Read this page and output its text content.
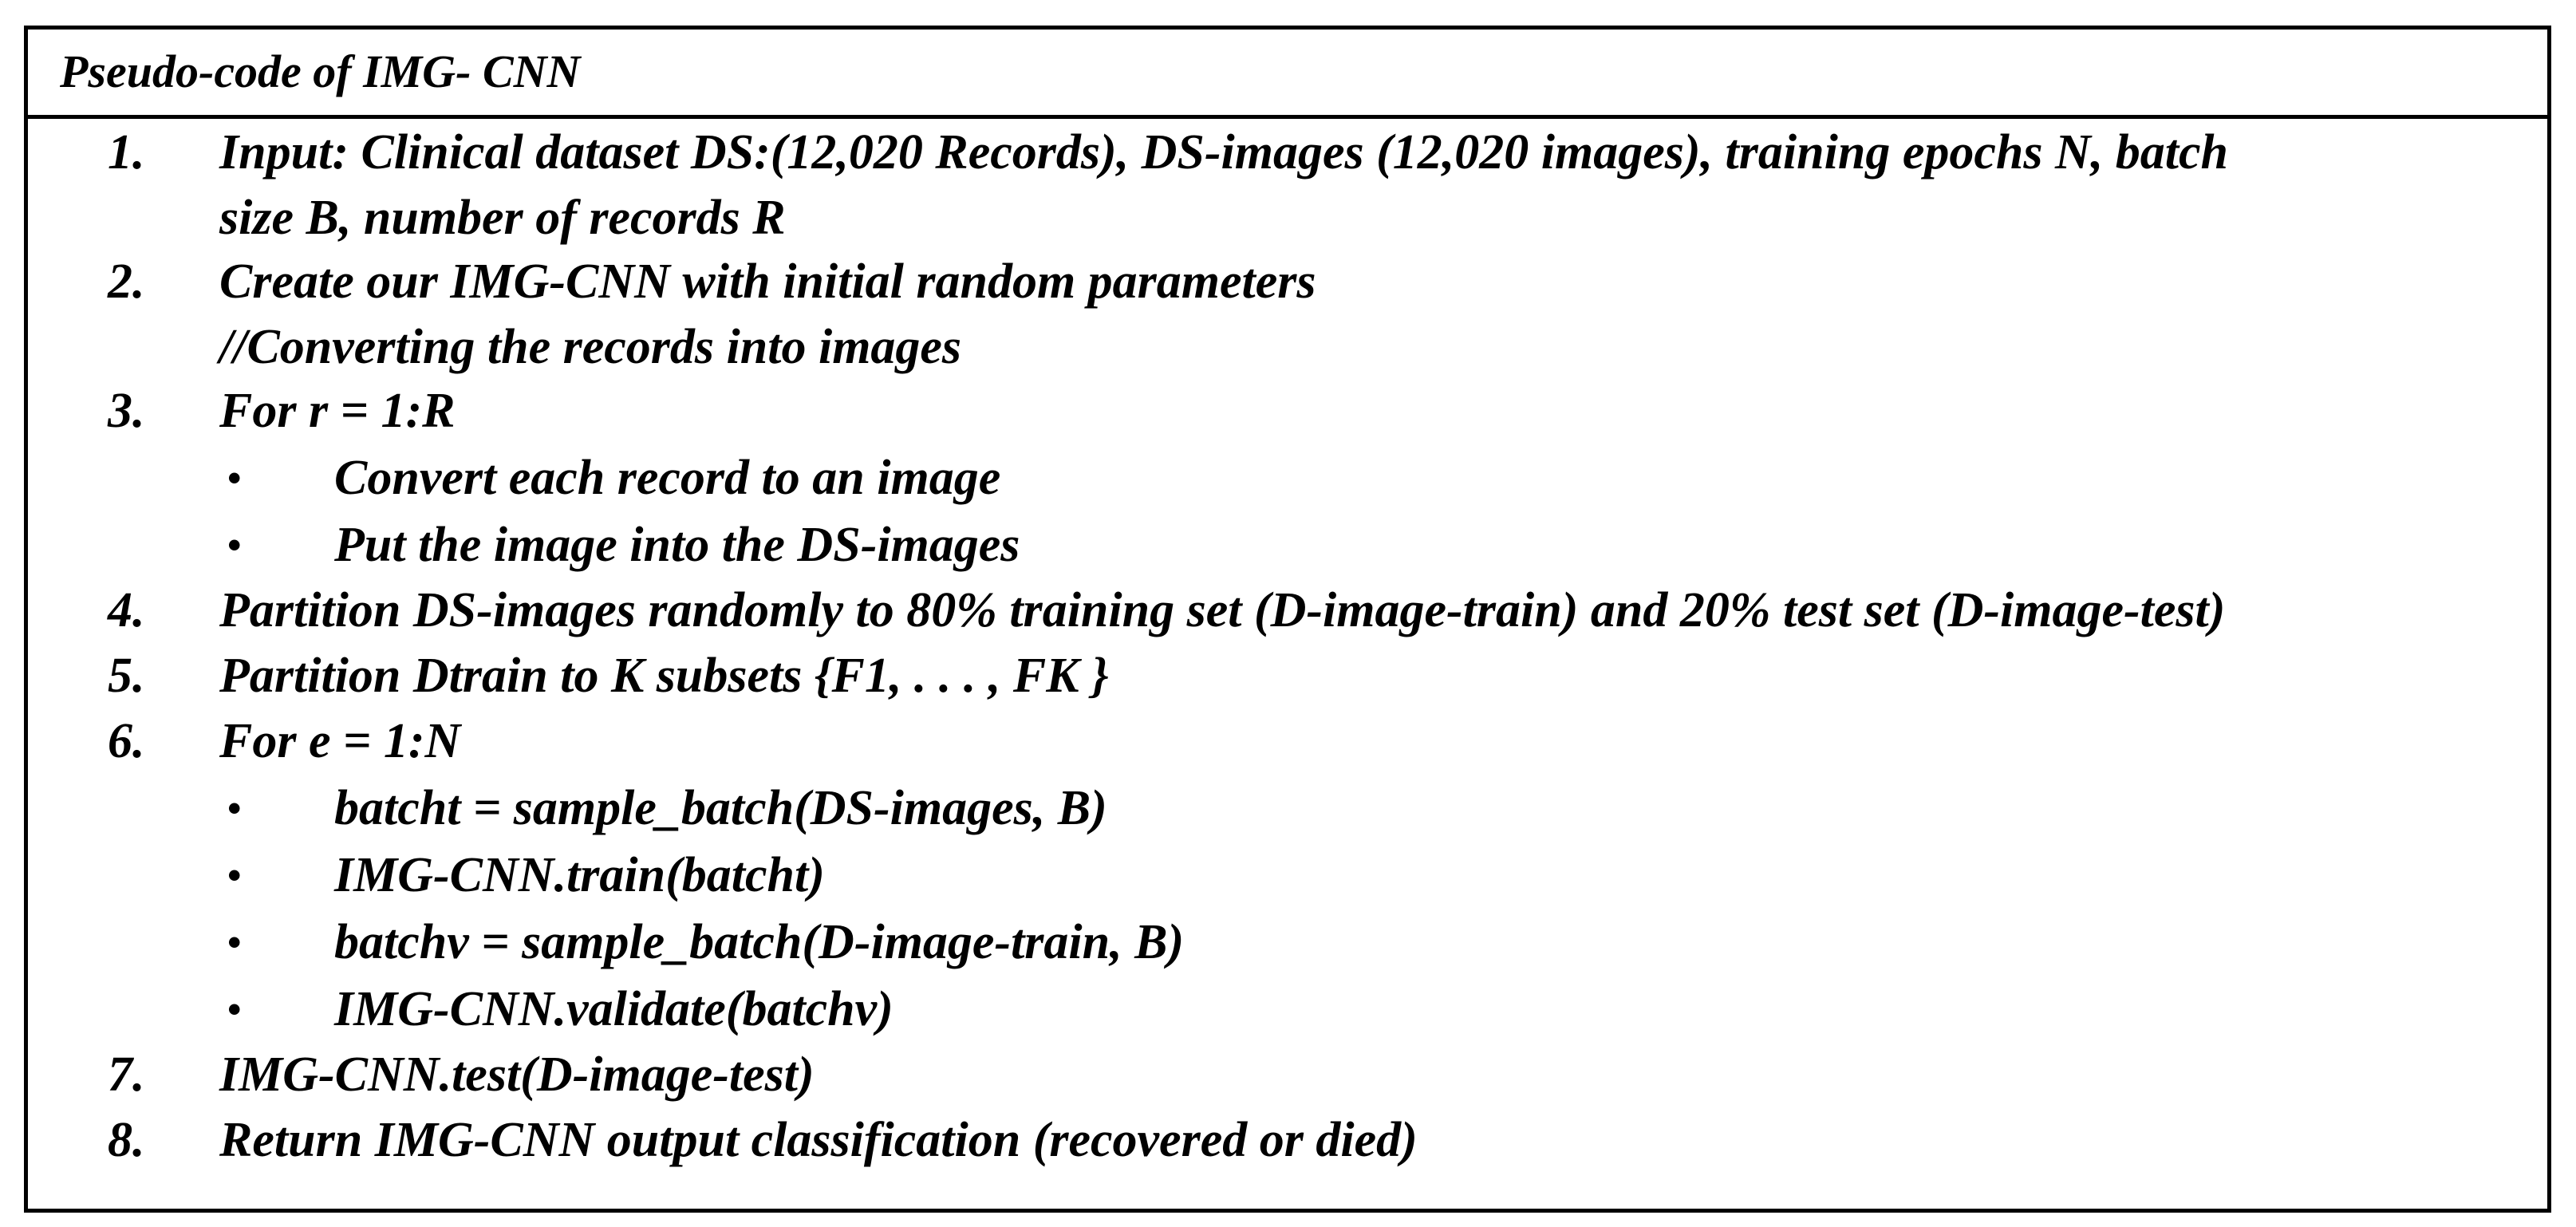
Pseudo-code of IMG- CNN
1. Input: Clinical dataset DS:(12,020 Records), DS-images (12,020 images), training epochs N, batch
size B, number of records R
2. Create our IMG-CNN with initial random parameters
//Converting the records into images
3. For r = 1:R
• Convert each record to an image
• Put the image into the DS-images
4. Partition DS-images randomly to 80% training set (D-image-train) and 20% test set (D-image-test)
5. Partition Dtrain to K subsets {F1, . . . , FK }
6. For e = 1:N
• batcht = sample_batch(DS-images, B)
• IMG-CNN.train(batcht)
• batchv = sample_batch(D-image-train, B)
• IMG-CNN.validate(batchv)
7. IMG-CNN.test(D-image-test)
8. Return IMG-CNN output classification (recovered or died)
